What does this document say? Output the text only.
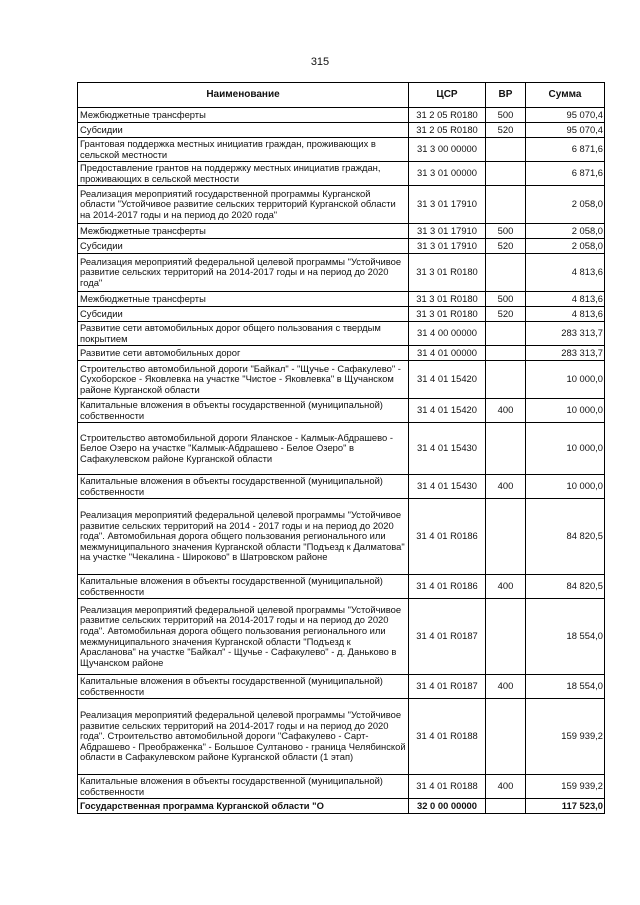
315
Наименование	ЦСР	ВР	Сумма
Межбюджетные трансферты	31 2 05 R0180	500	95 070,4
Субсидии	31 2 05 R0180	520	95 070,4
Грантовая поддержка местных инициатив граждан, проживающих в сельской местности	31 3 00 00000		6 871,6
Предоставление грантов на поддержку местных инициатив граждан, проживающих в сельской местности	31 3 01 00000		6 871,6
Реализация мероприятий государственной программы Курганской области "Устойчивое развитие сельских территорий Курганской области на 2014-2017 годы и на период до 2020 года"	31 3 01 17910		2 058,0
Межбюджетные трансферты	31 3 01 17910	500	2 058,0
Субсидии	31 3 01 17910	520	2 058,0
Реализация мероприятий федеральной целевой программы "Устойчивое развитие сельских территорий на 2014-2017 годы и на период до 2020 года"	31 3 01 R0180		4 813,6
Межбюджетные трансферты	31 3 01 R0180	500	4 813,6
Субсидии	31 3 01 R0180	520	4 813,6
Развитие сети автомобильных дорог общего пользования с твердым покрытием	31 4 00 00000		283 313,7
Развитие сети автомобильных дорог	31 4 01 00000		283 313,7
Строительство автомобильной дороги "Байкал" - "Щучье - Сафакулево" - Сухоборское - Яковлевка на участке "Чистое - Яковлевка" в Щучанском районе Курганской области	31 4 01 15420		10 000,0
Капитальные вложения в объекты государственной (муниципальной) собственности	31 4 01 15420	400	10 000,0
Строительство автомобильной дороги Яланское - Калмык-Абдрашево - Белое Озеро на участке "Калмык-Абдрашево - Белое Озеро" в Сафакулевском районе Курганской области	31 4 01 15430		10 000,0
Капитальные вложения в объекты государственной (муниципальной) собственности	31 4 01 15430	400	10 000,0
Реализация мероприятий федеральной целевой программы "Устойчивое развитие сельских территорий на 2014 - 2017 годы и на период до 2020 года". Автомобильная дорога общего пользования регионального или межмуниципального значения Курганской области "Подъезд к Далматова" на участке "Чекалина - Широково" в Шатровском районе	31 4 01 R0186		84 820,5
Капитальные вложения в объекты государственной (муниципальной) собственности	31 4 01 R0186	400	84 820,5
Реализация мероприятий федеральной целевой программы "Устойчивое развитие сельских территорий на 2014-2017 годы и на период до 2020 года". Автомобильная дорога общего пользования регионального или межмуниципального значения Курганской области "Подъезд к Арасланова" на участке "Байкал" - Щучье - Сафакулево" - д. Даньково в Щучанском районе	31 4 01 R0187		18 554,0
Капитальные вложения в объекты государственной (муниципальной) собственности	31 4 01 R0187	400	18 554,0
Реализация мероприятий федеральной целевой программы "Устойчивое развитие сельских территорий на 2014-2017 годы и на период до 2020 года". Строительство автомобильной дороги "Сафакулево - Сарт-Абдрашево - Преображенка" - Большое Султаново - граница Челябинской области в Сафакулевском районе Курганской области (1 этап)	31 4 01 R0188		159 939,2
Капитальные вложения в объекты государственной (муниципальной) собственности	31 4 01 R0188	400	159 939,2
Государственная программа Курганской области "О	32 0 00 00000		117 523,0
